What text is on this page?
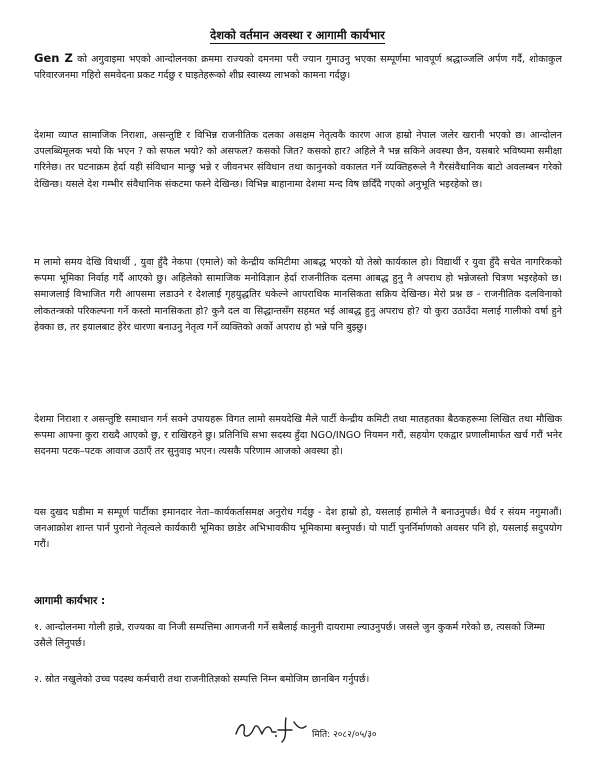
देशको वर्तमान अवस्था र आगामी कार्यभार
Gen Z को अगुवाइमा भएको आन्दोलनका क्रममा राज्यको दमनमा परी ज्यान गुमाउनु भएका सम्पूर्णमा भावपूर्ण श्रद्धाञ्जलि अर्पण गर्दै, शोकाकुल परिवारजनमा गहिरो समवेदना प्रकट गर्दछु र घाइतेहरूको शीघ्र स्वास्थ्य लाभको कामना गर्दछु।
देशमा व्याप्त सामाजिक निराशा, असन्तुष्टि र विभिन्न राजनीतिक दलका असक्षम नेतृत्वकै कारण आज हाम्रो नेपाल जलेर खरानी भएको छ। आन्दोलन उपलब्धिमूलक भयो कि भएन ? को सफल भयो? को असफल? कसको जित? कसको हार? अहिले नै भन्न सकिने अवस्था छैन, यसबारे भविष्यमा समीक्षा गरिनेछ। तर घटनाक्रम हेर्दा यही संविधान मान्छु भन्ने र जीवनभर संविधान तथा कानुनको वकालत गर्ने व्यक्तिहरूले नै गैरसंवैधानिक बाटो अवलम्बन गरेको देखिन्छ। यसले देश गम्भीर संवैधानिक संकटमा फस्ने देखिन्छ। विभिन्न बाहानामा देशमा मन्द विष छर्दिँदै गएको अनुभूति भइरहेको छ।
म लामो समय देखि विधार्थी , युवा हुँदै नेकपा (एमाले) को केन्द्रीय कमिटीमा आबद्ध भएको यो तेस्रो कार्यकाल हो। विद्यार्थी र युवा हुँदै सचेत नागरिकको रूपमा भूमिका निर्वाह गर्दै आएको छु। अहिलेको सामाजिक मनोविज्ञान हेर्दा राजनीतिक दलमा आबद्ध हुनु नै अपराध हो भन्नेजस्तो चित्रण भइरहेको छ। समाजलाई विभाजित गरी आपसमा लडाउने र देशलाई गृहयुद्धतिर धकेल्ने आपराधिक मानसिकता सक्रिय देखिन्छ। मेरो प्रश्न छ - राजनीतिक दलविनाको लोकतन्त्रको परिकल्पना गर्ने कस्तो मानसिकता हो? कुनै दल वा सिद्धान्तसँग सहमत भई आबद्ध हुनु अपराध हो? यो कुरा उठाउँदा मलाई गालीको वर्षा हुने हेक्का छ, तर इयालबाट हेरेर धारणा बनाउनु नेतृत्व गर्ने व्यक्तिको अर्को अपराध हो भन्ने पनि बुझ्छु।
देशमा निराशा र असन्तुष्टि समाधान गर्न सक्ने उपायहरू विगत लामो समयदेखि मैले पार्टी केन्द्रीय कमिटी तथा मातहतका बैठकहरूमा लिखित तथा मौखिक रूपमा आफ्ना कुरा राख्दै आएको छु, र राखिरहने छु। प्रतिनिधि सभा सदस्य हुँदा NGO/INGO नियमन गरौं, सहयोग एकद्वार प्रणालीमार्फत खर्च गरौं भनेर सदनमा पटक–पटक आवाज उठाएँ तर सुनुवाइ भएन। त्यसकै परिणाम आजको अवस्था हो।
यस दुखद घडीमा म सम्पूर्ण पार्टीका इमानदार नेता–कार्यकर्तासमक्ष अनुरोध गर्दछु - देश हाम्रो हो, यसलाई हामीले नै बनाउनुपर्छ। धैर्य र संयम नगुमाऔं। जनआक्रोश शान्त पार्न पुरानो नेतृत्वले कार्यकारी भूमिका छाडेर अभिभावकीय भूमिकामा बस्नुपर्छ। यो पार्टी पुनर्निर्माणको अवसर पनि हो, यसलाई सदुपयोग गरौं।
आगामी कार्यभार :
१. आन्दोलनमा गोली हान्ने, राज्यका वा निजी सम्पत्तिमा आगजनी गर्ने सबैलाई कानुनी दायरामा ल्याउनुपर्छ। जसले जुन कुकर्म गरेको छ, त्यसको जिम्मा उसैले लिनुपर्छ।
२. स्रोत नखुलेको उच्च पदस्थ कर्मचारी तथा राजनीतिज्ञको सम्पत्ति निम्न बमोजिम छानबिन गर्नुपर्छ।
मिति: २०८२/०५/३०
